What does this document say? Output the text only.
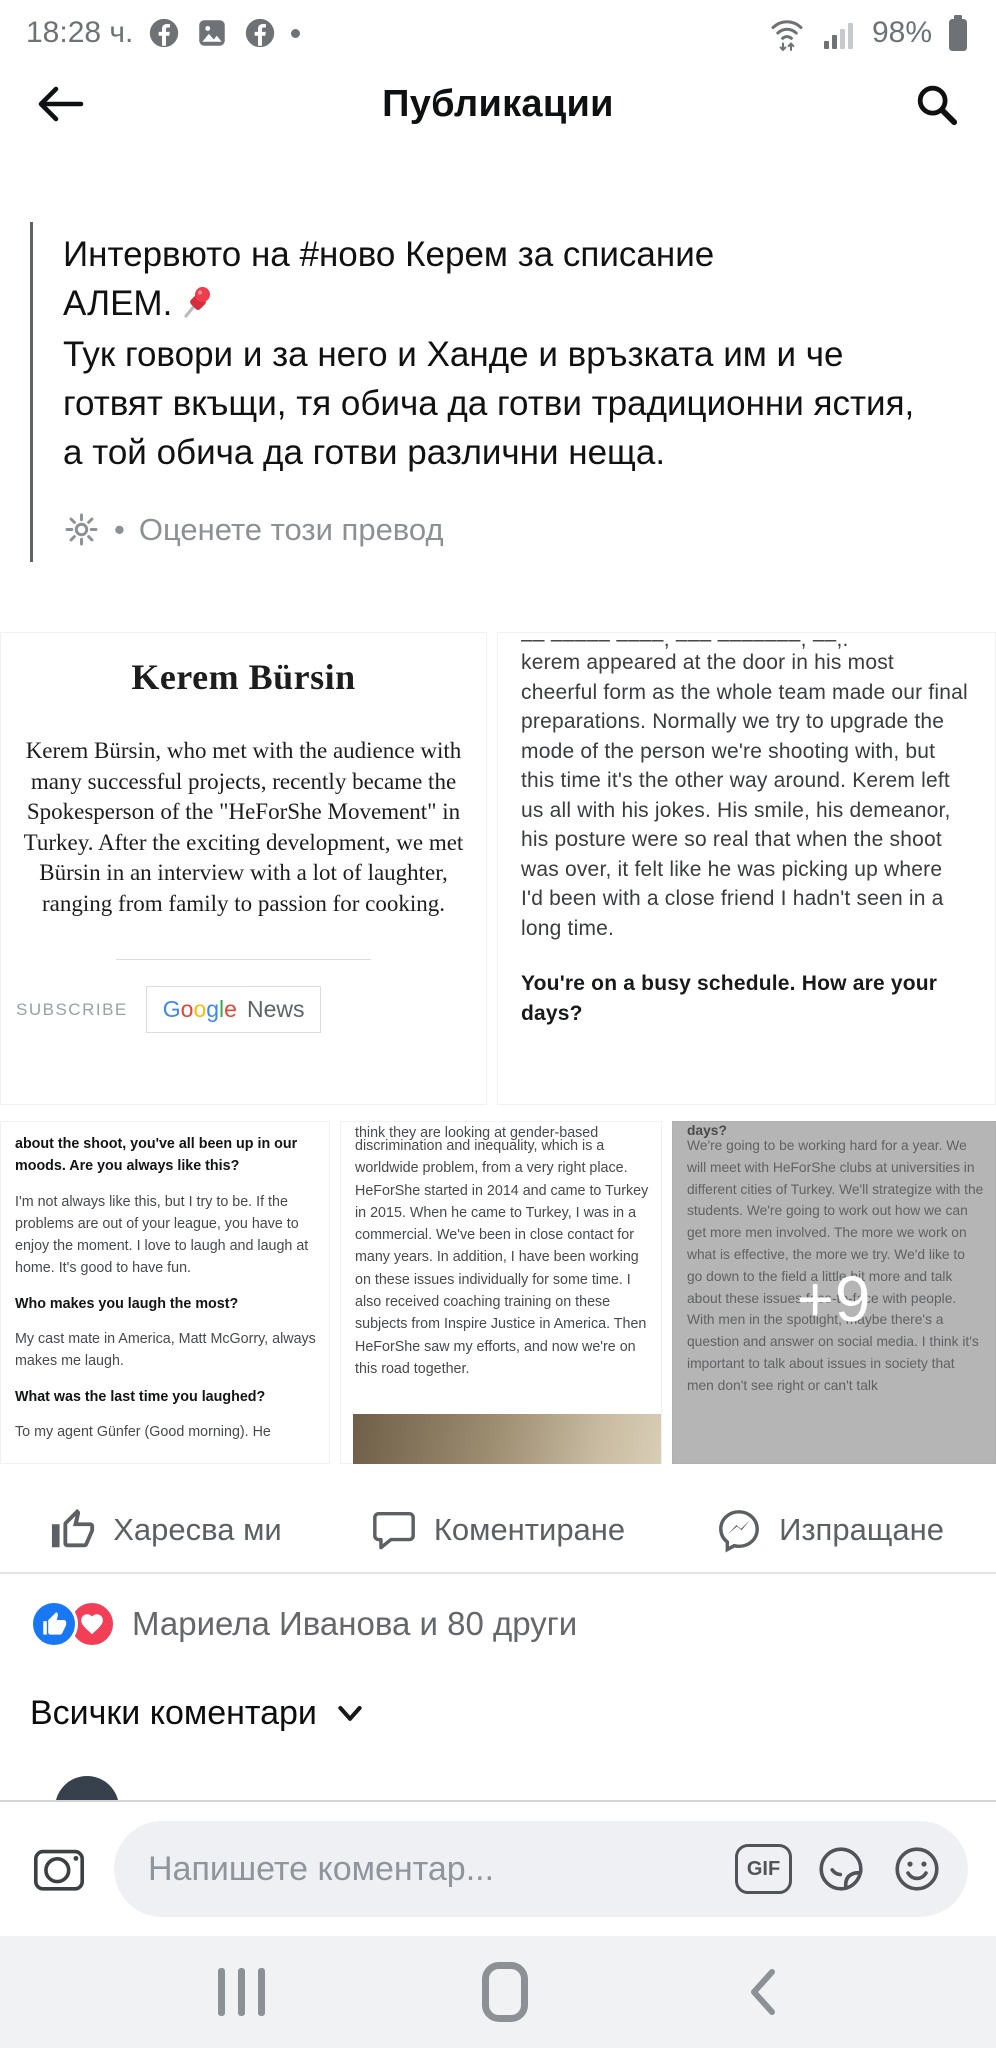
18:28 ч.	98%
Публикации

Интервюто на #ново Керем за списание
АЛЕМ.

Тук говори и за него и Ханде и връзката им и че готвят вкъщи, тя обича да готви традиционни ястия, а той обича да готви различни неща.

• Оценете този превод
Kerem Bürsin

Kerem Bürsin, who met with the audience with many successful projects, recently became the Spokesperson of the "HeForShe Movement" in Turkey. After the exciting development, we met Bürsin in an interview with a lot of laughter, ranging from family to passion for cooking.

SUBSCRIBE G o o g l e News
–– ––––– ––––, ––– –––––––, ––,.

kerem appeared at the door in his most cheerful form as the whole team made our final preparations. Normally we try to upgrade the mode of the person we're shooting with, but this time it's the other way around. Kerem left us all with his jokes. His smile, his demeanor, his posture were so real that when the shoot was over, it felt like he was picking up where I'd been with a close friend I hadn't seen in a long time.

You're on a busy schedule. How are your days?

about the shoot, you've all been up in our moods. Are you always like this?

I'm not always like this, but I try to be. If the problems are out of your league, you have to enjoy the moment. I love to laugh and laugh at home. It's good to have fun.

Who makes you laugh the most?

My cast mate in America, Matt McGorry, always makes me laugh.

What was the last time you laughed?

To my agent Günfer (Good morning). He

think they are looking at gender-based

discrimination and inequality, which is a worldwide problem, from a very right place. HeForShe started in 2014 and came to Turkey in 2015. When he came to Turkey, I was in a commercial. We've been in close contact for many years. In addition, I have been working on these issues individually for some time. I also received coaching training on these subjects from Inspire Justice in America. Then HeForShe saw my efforts, and now we're on this road together.

+9
Харесва ми	Коментиране	Изпращане
Мариела Иванова и 80 други
Всички коментари
Напишете коментар...	GIF
